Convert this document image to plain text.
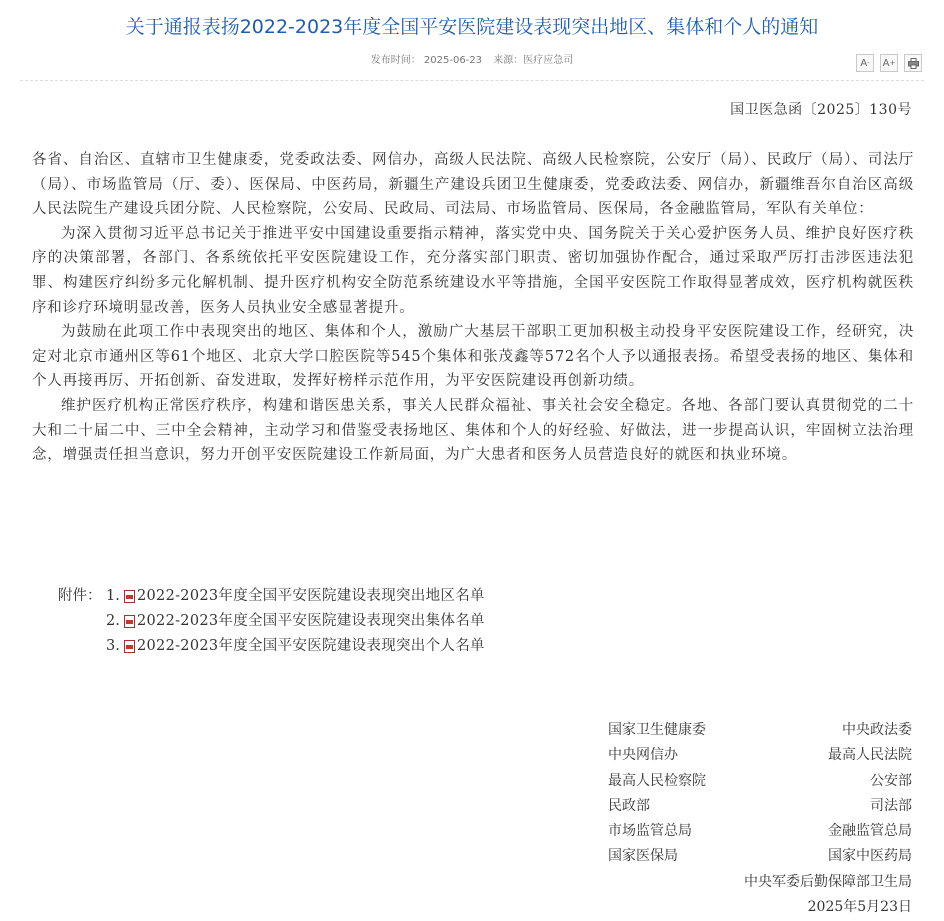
关于通报表扬2022-2023年度全国平安医院建设表现突出地区、集体和个人的通知
发布时间： 2025-06-23 来源：医疗应急司	A - A +
国卫医急函〔2025〕130号

各省、自治区、直辖市卫生健康委，党委政法委、网信办，高级人民法院、高级人民检察院，公安厅（局）、民政厅（局）、司法厅（局）、市场监管局（厅、委）、医保局、中医药局，新疆生产建设兵团卫生健康委，党委政法委、网信办，新疆维吾尔自治区高级人民法院生产建设兵团分院、人民检察院，公安局、民政局、司法局、市场监管局、医保局，各金融监管局，军队有关单位：

为深入贯彻习近平总书记关于推进平安中国建设重要指示精神，落实党中央、国务院关于关心爱护医务人员、维护良好医疗秩序的决策部署，各部门、各系统依托平安医院建设工作，充分落实部门职责、密切加强协作配合，通过采取严厉打击涉医违法犯罪、构建医疗纠纷多元化解机制、提升医疗机构安全防范系统建设水平等措施，全国平安医院工作取得显著成效，医疗机构就医秩序和诊疗环境明显改善，医务人员执业安全感显著提升。

为鼓励在此项工作中表现突出的地区、集体和个人，激励广大基层干部职工更加积极主动投身平安医院建设工作，经研究，决定对北京市通州区等61个地区、北京大学口腔医院等545个集体和张茂鑫等572名个人予以通报表扬。希望受表扬的地区、集体和个人再接再厉、开拓创新、奋发进取，发挥好榜样示范作用，为平安医院建设再创新功绩。

维护医疗机构正常医疗秩序，构建和谐医患关系，事关人民群众福祉、事关社会安全稳定。各地、各部门要认真贯彻党的二十大和二十届二中、三中全会精神，主动学习和借鉴受表扬地区、集体和个人的好经验、好做法，进一步提高认识，牢固树立法治理念，增强责任担当意识，努力开创平安医院建设工作新局面，为广大患者和医务人员营造良好的就医和执业环境。

附件： 1. 2022-2023年度全国平安医院建设表现突出地区名单
2. 2022-2023年度全国平安医院建设表现突出集体名单
3. 2022-2023年度全国平安医院建设表现突出个人名单
国家卫生健康委	中央政法委
中央网信办	最高人民法院
最高人民检察院	公安部
民政部	司法部
市场监管总局	金融监管总局
国家医保局	国家中医药局
中央军委后勤保障部卫生局
2025年5月23日
